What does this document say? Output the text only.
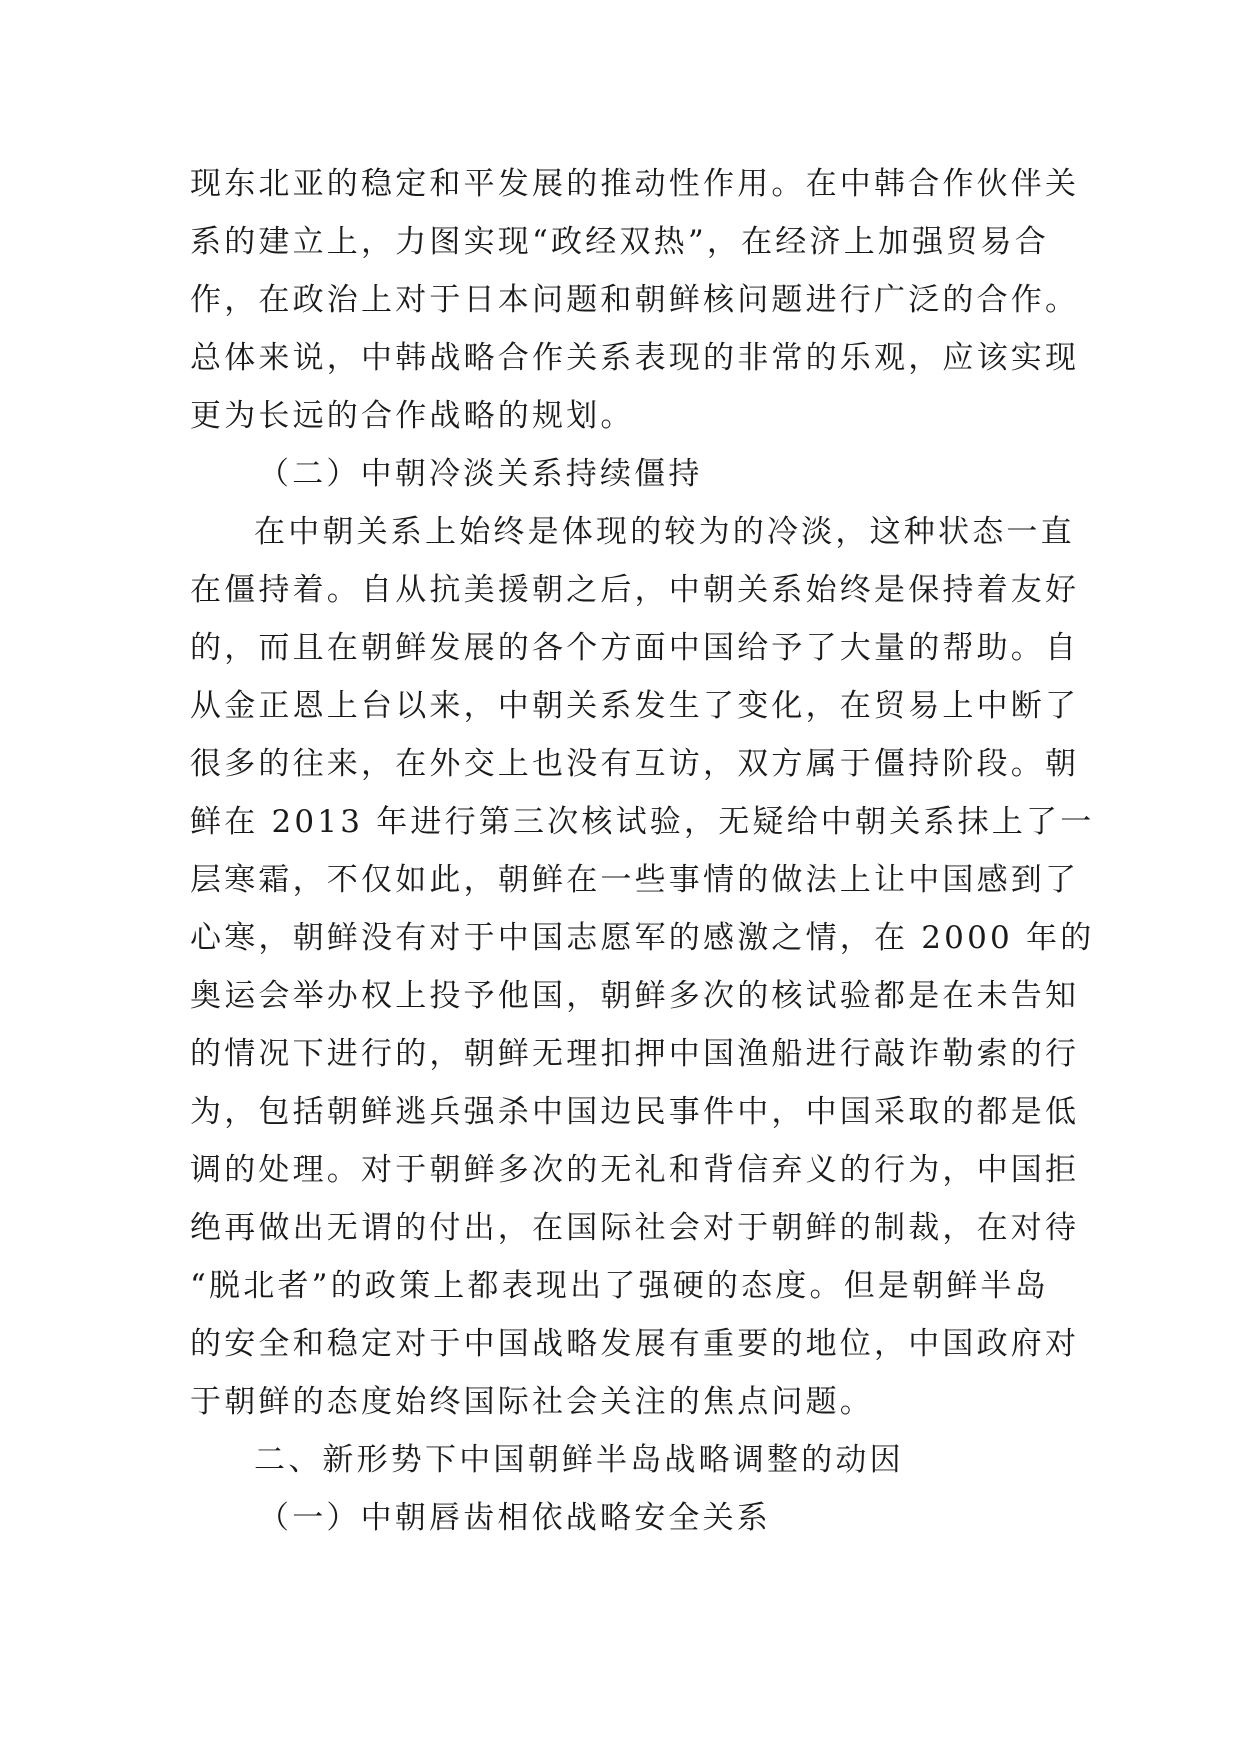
现东北亚的稳定和平发展的推动性作用。在中韩合作伙伴关
系的建立上，力图实现“政经双热”，在经济上加强贸易合
作，在政治上对于日本问题和朝鲜核问题进行广泛的合作。
总体来说，中韩战略合作关系表现的非常的乐观，应该实现
更为长远的合作战略的规划。
（二）中朝冷淡关系持续僵持
在中朝关系上始终是体现的较为的冷淡，这种状态一直
在僵持着。自从抗美援朝之后，中朝关系始终是保持着友好
的，而且在朝鲜发展的各个方面中国给予了大量的帮助。自
从金正恩上台以来，中朝关系发生了变化，在贸易上中断了
很多的往来，在外交上也没有互访，双方属于僵持阶段。朝
鲜在 2013 年进行第三次核试验，无疑给中朝关系抹上了一
层寒霜，不仅如此，朝鲜在一些事情的做法上让中国感到了
心寒，朝鲜没有对于中国志愿军的感激之情，在 2000 年的
奥运会举办权上投予他国，朝鲜多次的核试验都是在未告知
的情况下进行的，朝鲜无理扣押中国渔船进行敲诈勒索的行
为，包括朝鲜逃兵强杀中国边民事件中，中国采取的都是低
调的处理。对于朝鲜多次的无礼和背信弃义的行为，中国拒
绝再做出无谓的付出，在国际社会对于朝鲜的制裁，在对待
“脱北者”的政策上都表现出了强硬的态度。但是朝鲜半岛
的安全和稳定对于中国战略发展有重要的地位，中国政府对
于朝鲜的态度始终国际社会关注的焦点问题。
二、新形势下中国朝鲜半岛战略调整的动因
（一）中朝唇齿相依战略安全关系
